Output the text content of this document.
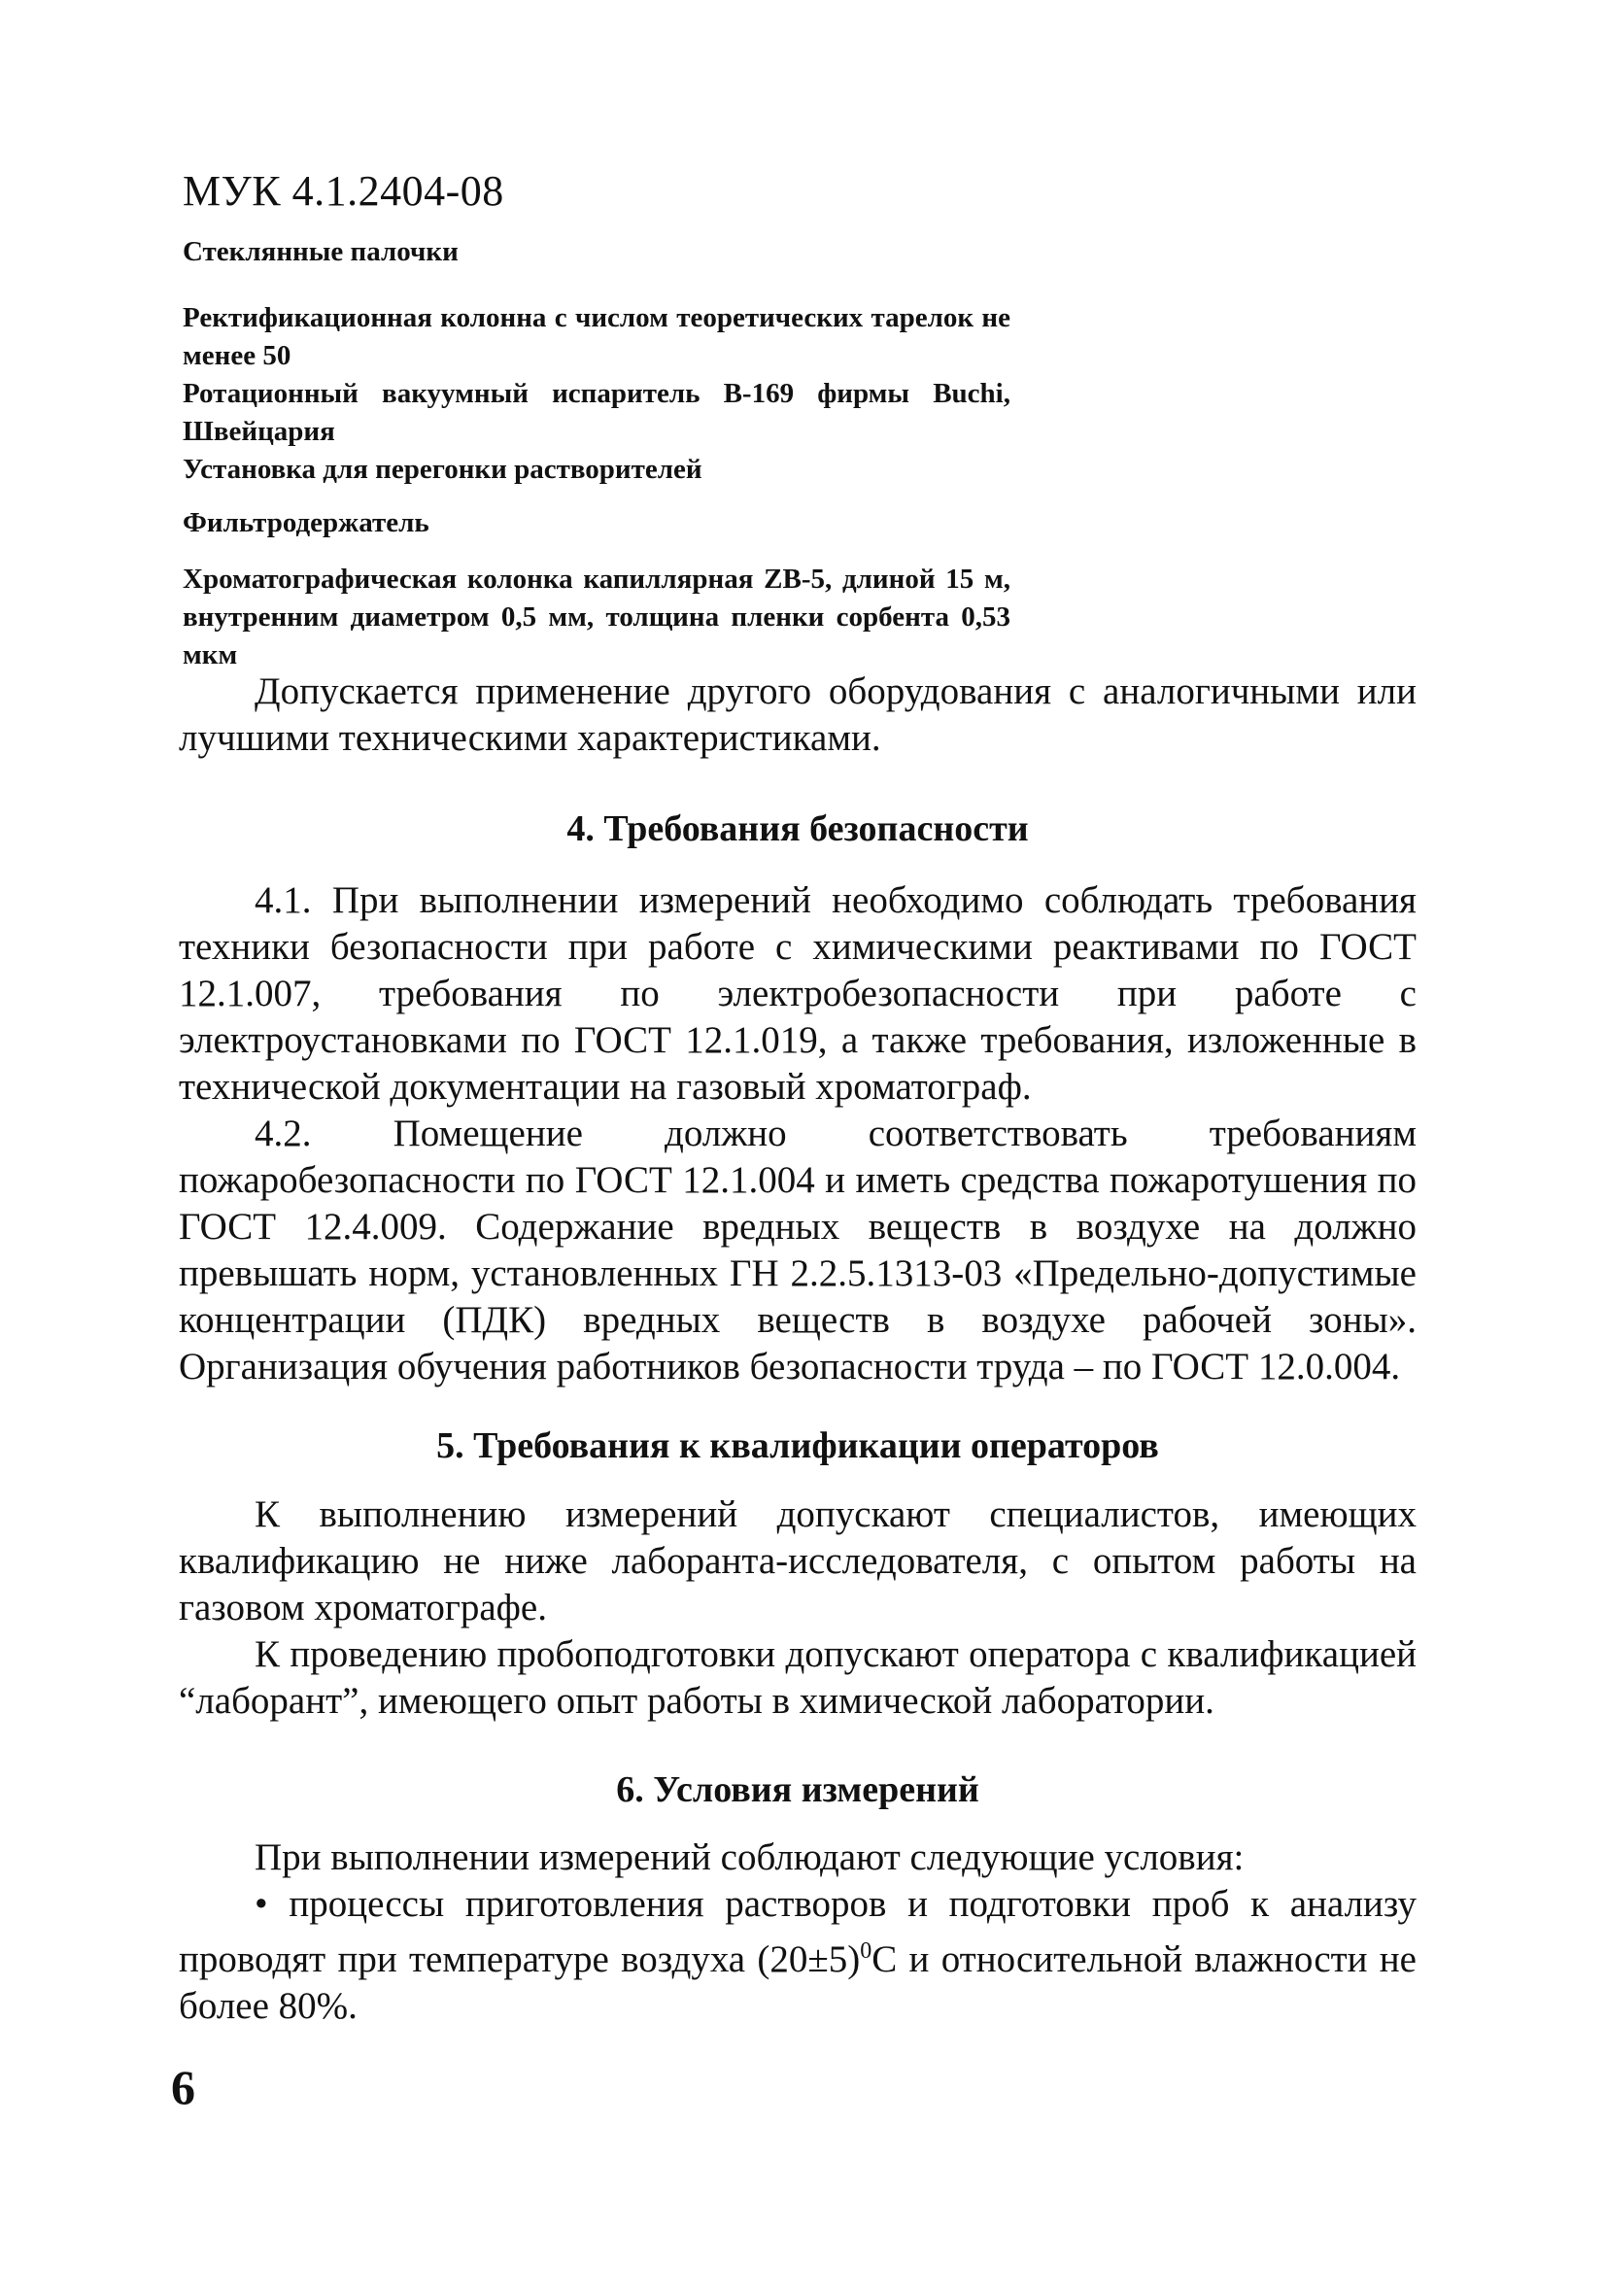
МУК 4.1.2404-08

Стеклянные палочки

Ректификационная колонна с числом теоретических тарелок не менее 50

Ротационный вакуумный испаритель В-169 фирмы Buchi, Швейцария

Установка для перегонки растворителей

Фильтродержатель

Хроматографическая колонка капиллярная ZB-5, длиной 15 м, внутренним диаметром 0,5 мм, толщина пленки сорбента 0,53 мкм

Допускается применение другого оборудования с аналогичными или лучшими техническими характеристиками.

4. Требования безопасности

4.1. При выполнении измерений необходимо соблюдать требования техники безопасности при работе с химическими реактивами по ГОСТ 12.1.007, требования по электробезопасности при работе с электроустановками по ГОСТ 12.1.019, а также требования, изложенные в технической документации на газовый хроматограф.

4.2. Помещение должно соответствовать требованиям пожаробезопасности по ГОСТ 12.1.004 и иметь средства пожаротушения по ГОСТ 12.4.009. Содержание вредных веществ в воздухе на должно превышать норм, установленных ГН 2.2.5.1313-03 «Предельно-допустимые концентрации (ПДК) вредных веществ в воздухе рабочей зоны». Организация обучения работников безопасности труда – по ГОСТ 12.0.004.

5. Требования к квалификации операторов

К выполнению измерений допускают специалистов, имеющих квалификацию не ниже лаборанта-исследователя, с опытом работы на газовом хроматографе.

К проведению пробоподготовки допускают оператора с квалификацией “лаборант”, имеющего опыт работы в химической лаборатории.

6. Условия измерений

При выполнении измерений соблюдают следующие условия:

• процессы приготовления растворов и подготовки проб к анализу проводят при температуре воздуха $(20\pm 5)^0С$ и относительной влажности не более 80%.

6
